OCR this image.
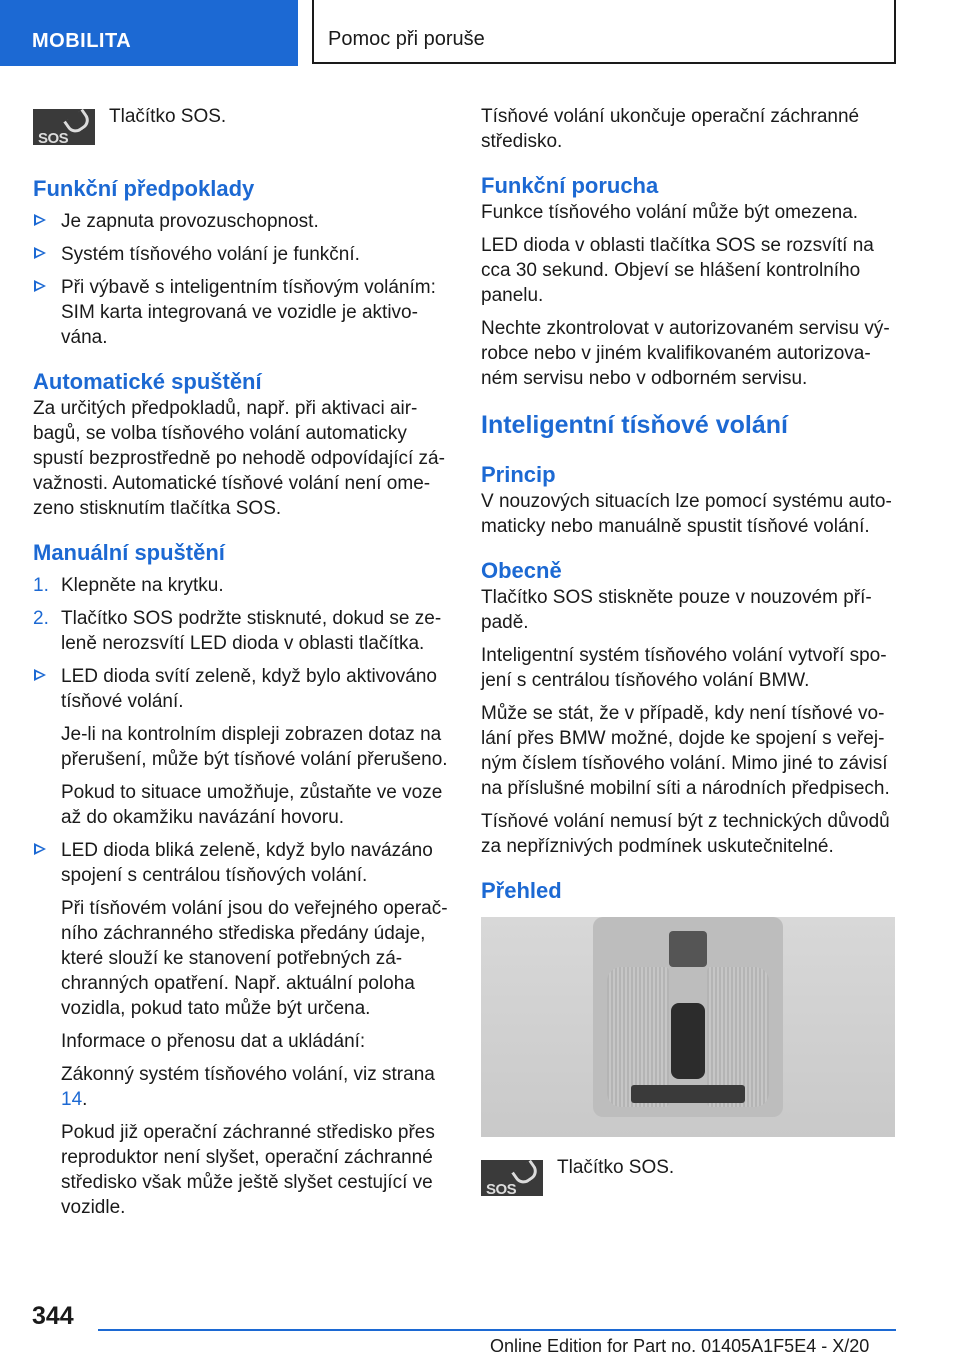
MOBILITA	Pomoc při poruše
SOS
Tlačítko SOS.
Funkční předpoklady
Je zapnuta provozuschopnost.
Systém tísňového volání je funkční.
Při výbavě s inteligentním tísňovým voláním: SIM karta integrovaná ve vozidle je aktivo-vána.
Automatické spuštění

Za určitých předpokladů, např. při aktivaci air-bagů, se volba tísňového volání automaticky spustí bezprostředně po nehodě odpovídající zá-važnosti. Automatické tísňové volání není ome-zeno stisknutím tlačítka SOS.

Manuální spuštění
1. Klepněte na krytku.
2. Tlačítko SOS podržte stisknuté, dokud se ze-leně nerozsvítí LED dioda v oblasti tlačítka.

LED dioda svítí zeleně, když bylo aktivováno tísňové volání.

Je-li na kontrolním displeji zobrazen dotaz na přerušení, může být tísňové volání přerušeno.

Pokud to situace umožňuje, zůstaňte ve voze až do okamžiku navázání hovoru.

LED dioda bliká zeleně, když bylo navázáno spojení s centrálou tísňových volání.

Při tísňovém volání jsou do veřejného operač-ního záchranného střediska předány údaje, které slouží ke stanovení potřebných zá-chranných opatření. Např. aktuální poloha vozidla, pokud tato může být určena.

Informace o přenosu dat a ukládání:

Zákonný systém tísňového volání, viz strana 14.

Pokud již operační záchranné středisko přes reproduktor není slyšet, operační záchranné středisko však může ještě slyšet cestující ve vozidle.

Tísňové volání ukončuje operační záchranné středisko.

Funkční porucha

Funkce tísňového volání může být omezena.

LED dioda v oblasti tlačítka SOS se rozsvítí na cca 30 sekund. Objeví se hlášení kontrolního panelu.

Nechte zkontrolovat v autorizovaném servisu vý-robce nebo v jiném kvalifikovaném autorizova-ném servisu nebo v odborném servisu.

Inteligentní tísňové volání
Princip

V nouzových situacích lze pomocí systému auto-maticky nebo manuálně spustit tísňové volání.

Obecně

Tlačítko SOS stiskněte pouze v nouzovém pří-padě.

Inteligentní systém tísňového volání vytvoří spo-jení s centrálou tísňového volání BMW.

Může se stát, že v případě, kdy není tísňové vo-lání přes BMW možné, dojde ke spojení s veřej-ným číslem tísňového volání. Mimo jiné to závisí na příslušné mobilní síti a národních předpisech.

Tísňové volání nemusí být z technických důvodů za nepříznivých podmínek uskutečnitelné.

Přehled
SOS
Tlačítko SOS.
344
Online Edition for Part no. 01405A1F5E4 - X/20
